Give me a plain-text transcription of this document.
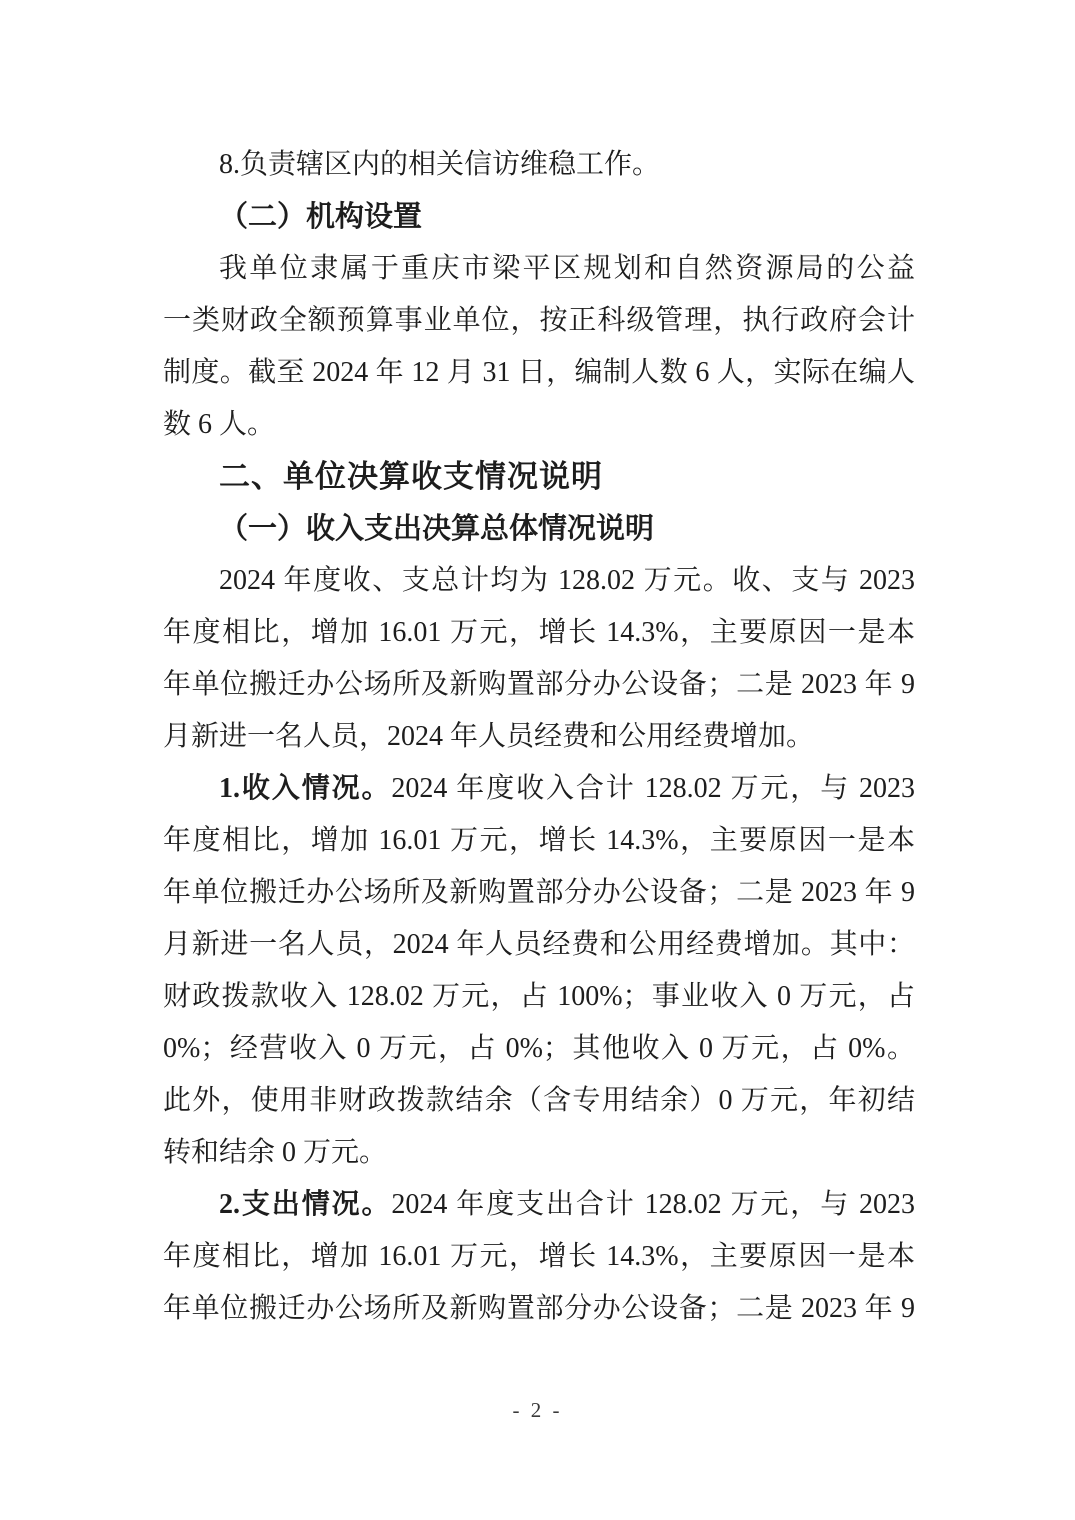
8.负责辖区内的相关信访维稳工作。
（二）机构设置
我单位隶属于重庆市梁平区规划和自然资源局的公益
一类财政全额预算事业单位，按正科级管理，执行政府会计
制度。截至 2024 年 12 月 31 日，编制人数 6 人，实际在编人
数 6 人。
二、单位决算收支情况说明
（一）收入支出决算总体情况说明
2024 年度收、支总计均为 128.02 万元。收、支与 2023
年度相比，增加 16.01 万元，增长 14.3%，主要原因一是本
年单位搬迁办公场所及新购置部分办公设备；二是 2023 年 9
月新进一名人员，2024 年人员经费和公用经费增加。
1.收入情况。2024 年度收入合计 128.02 万元，与 2023
年度相比，增加 16.01 万元，增长 14.3%，主要原因一是本
年单位搬迁办公场所及新购置部分办公设备；二是 2023 年 9
月新进一名人员，2024 年人员经费和公用经费增加。其中：
财政拨款收入 128.02 万元，占 100%；事业收入 0 万元，占
0%；经营收入 0 万元，占 0%；其他收入 0 万元，占 0%。
此外，使用非财政拨款结余（含专用结余）0 万元，年初结
转和结余 0 万元。
2.支出情况。2024 年度支出合计 128.02 万元，与 2023
年度相比，增加 16.01 万元，增长 14.3%，主要原因一是本
年单位搬迁办公场所及新购置部分办公设备；二是 2023 年 9
- 2 -
